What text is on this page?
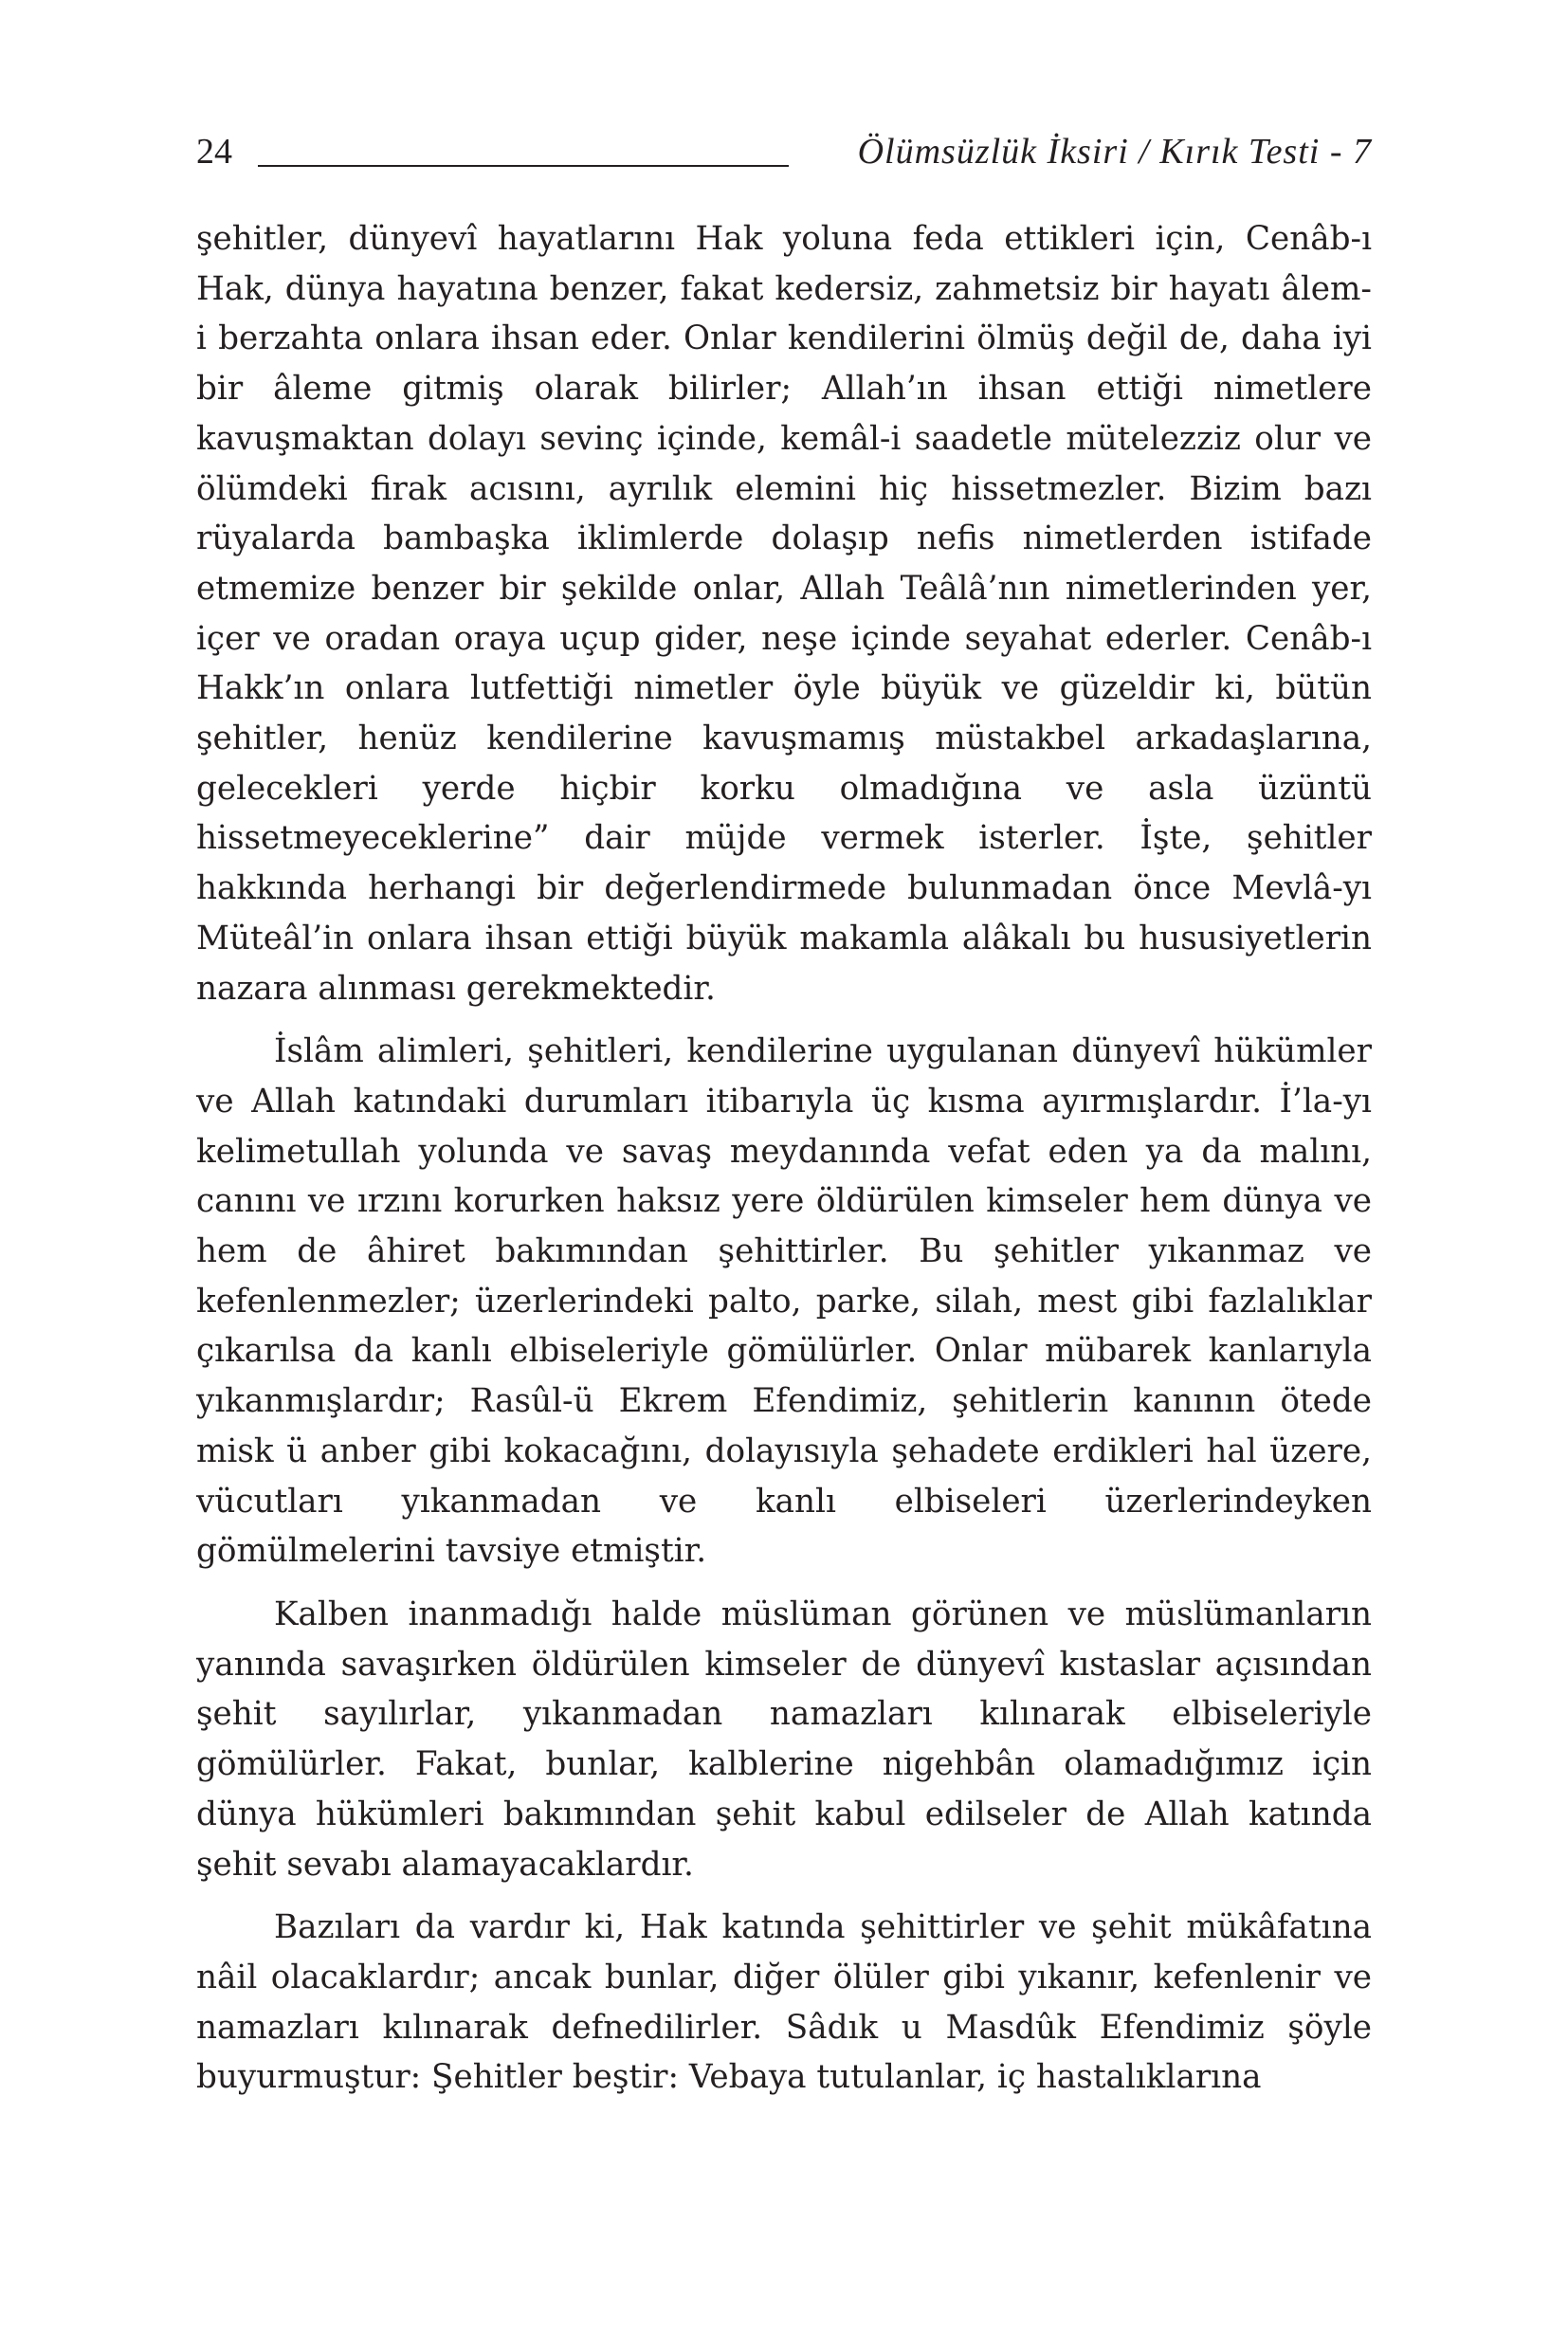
24	Ölümsüzlük İksiri / Kırık Testi - 7

şehitler, dünyevî hayatlarını Hak yoluna feda ettikleri için, Cenâb-ı Hak, dünya hayatına benzer, fakat kedersiz, zahmetsiz bir hayatı âlem-i berzahta onlara ihsan eder. Onlar kendilerini ölmüş değil de, daha iyi bir âleme gitmiş olarak bilirler; Allah’ın ihsan ettiği nimetlere kavuşmaktan dolayı sevinç içinde, kemâl-i saadetle mütelezziz olur ve ölümdeki firak acısını, ayrılık elemini hiç hissetmezler. Bizim bazı rüyalarda bambaşka iklimlerde dolaşıp nefis nimetlerden istifade etmemize benzer bir şekilde onlar, Allah Teâlâ’nın nimetlerinden yer, içer ve oradan oraya uçup gider, neşe içinde seyahat ederler. Cenâb-ı Hakk’ın onlara lutfettiği nimetler öyle büyük ve güzeldir ki, bütün şehitler, henüz kendilerine kavuşmamış müstakbel arkadaşlarına, gelecekleri yerde hiçbir korku olmadığına ve asla üzüntü hissetmeyeceklerine” dair müjde vermek isterler. İşte, şehitler hakkında herhangi bir değerlendirmede bulunmadan önce Mevlâ-yı Müteâl’in onlara ihsan ettiği büyük makamla alâkalı bu hususiyetlerin nazara alınması gerekmektedir.

İslâm alimleri, şehitleri, kendilerine uygulanan dünyevî hükümler ve Allah katındaki durumları itibarıyla üç kısma ayırmışlardır. İ’la-yı kelimetullah yolunda ve savaş meydanında vefat eden ya da malını, canını ve ırzını korurken haksız yere öldürülen kimseler hem dünya ve hem de âhiret bakımından şehittirler. Bu şehitler yıkanmaz ve kefenlenmezler; üzerlerindeki palto, parke, silah, mest gibi fazlalıklar çıkarılsa da kanlı elbiseleriyle gömülürler. Onlar mübarek kanlarıyla yıkanmışlardır; Rasûl-ü Ekrem Efendimiz, şehitlerin kanının ötede misk ü anber gibi kokacağını, dolayısıyla şehadete erdikleri hal üzere, vücutları yıkanmadan ve kanlı elbiseleri üzerlerindeyken gömülmelerini tavsiye etmiştir.

Kalben inanmadığı halde müslüman görünen ve müslümanların yanında savaşırken öldürülen kimseler de dünyevî kıstaslar açısından şehit sayılırlar, yıkanmadan namazları kılınarak elbiseleriyle gömülürler. Fakat, bunlar, kalblerine nigehbân olamadığımız için dünya hükümleri bakımından şehit kabul edilseler de Allah katında şehit sevabı alamayacaklardır.

Bazıları da vardır ki, Hak katında şehittirler ve şehit mükâfatına nâil olacaklardır; ancak bunlar, diğer ölüler gibi yıkanır, kefenlenir ve namazları kılınarak defnedilirler. Sâdık u Masdûk Efendimiz şöyle buyurmuştur: Şehitler beştir: Vebaya tutulanlar, iç hastalıklarına
